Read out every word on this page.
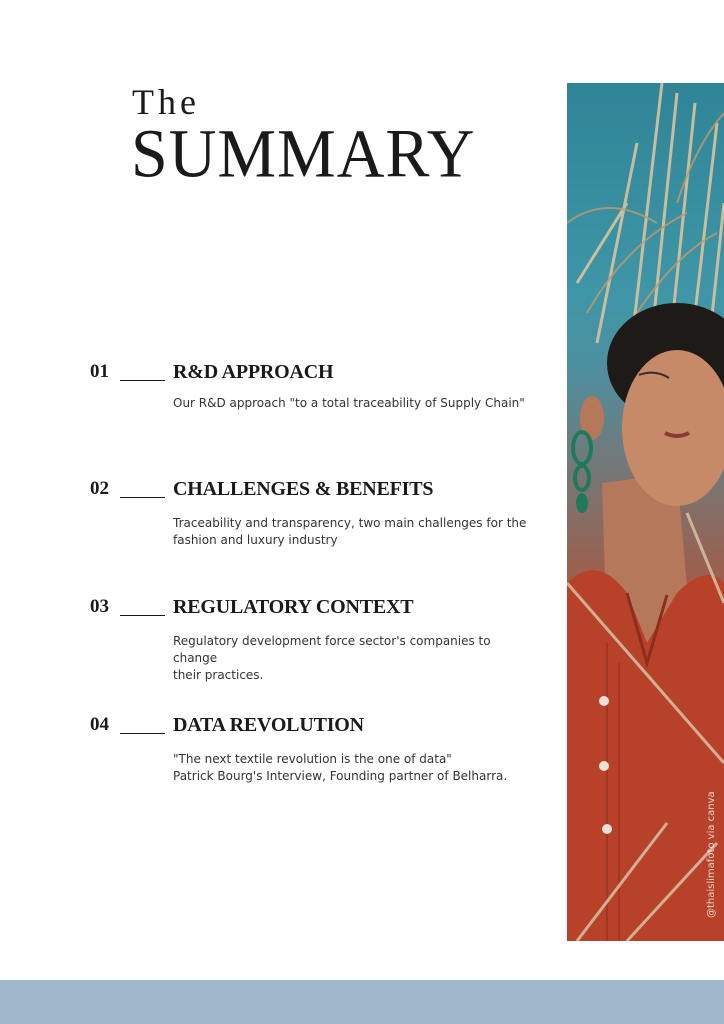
The
SUMMARY
01	R&D APPROACH
Our R&D approach "to a total traceability of Supply Chain"
02	CHALLENGES & BENEFITS
Traceability and transparency, two main challenges for the
fashion and luxury industry
03	REGULATORY CONTEXT
Regulatory development force sector's companies to change
their practices.
04	DATA REVOLUTION
"The next textile revolution is the one of data"
Patrick Bourg's Interview, Founding partner of Belharra.
@thaislimafoto via canva
